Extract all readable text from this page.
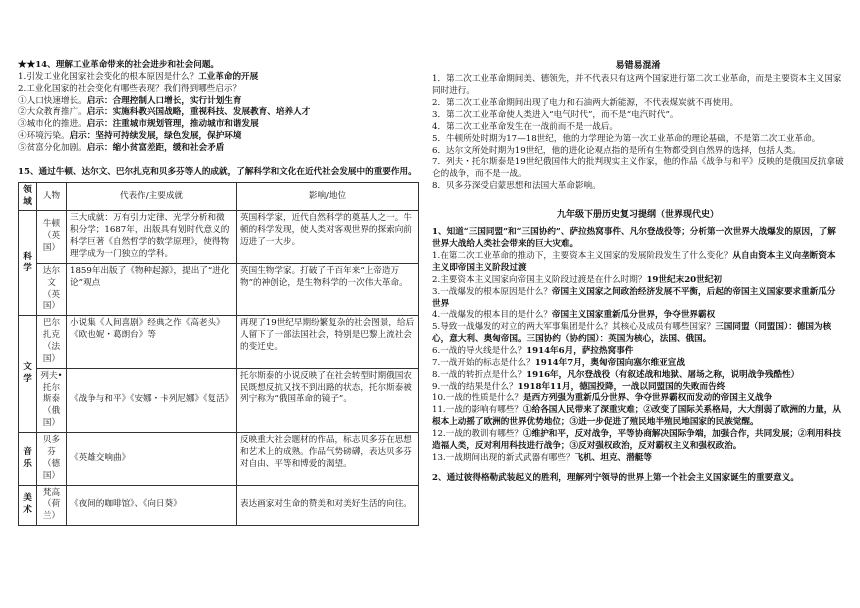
★★14、理解工业革命带来的社会进步和社会问题。
1.引发工业化国家社会变化的根本原因是什么？工业革命的开展
2.工业化国家的社会变化有哪些表现？我们得到哪些启示？
①人口快速增长。启示：合理控制人口增长，实行计划生育
②大众教育推广。启示：实施科教兴国战略，重视科技、发展教育、培养人才
③城市化的推进。启示：注重城市规划管理，推动城市和谐发展
④环境污染。启示：坚持可持续发展，绿色发展，保护环境
⑤贫富分化加剧。启示：缩小贫富差距，缓和社会矛盾
15、通过牛顿、达尔文、巴尔扎克和贝多芬等人的成就，了解科学和文化在近代社会发展中的重要作用。
领域	人物	代表作/主要成就	影响/地位
科学	牛顿（英国）	三大成就：万有引力定律、光学分析和微积分学；1687年，出版具有划时代意义的科学巨著《自然哲学的数学原理》，使得物理学成为一门独立的学科。	英国科学家，近代自然科学的奠基人之一。牛顿的科学发现，使人类对客观世界的探索向前迈进了一大步。
	达尔文（英国）	1859年出版了《物种起源》，提出了“进化论”观点	英国生物学家。打破了千百年来“上帝造万物”的神创论，是生物科学的一次伟大革命。
文学	巴尔扎克（法国）	小说集《人间喜剧》经典之作《高老头》《欧也妮・葛朗台》等	再现了19世纪早期纷繁复杂的社会图景，给后人留下了一部法国社会，特别是巴黎上流社会的变迁史。
	列夫•托尔斯泰（俄国）	《战争与和平》《安娜・卡列尼娜》《复活》	托尔斯泰的小说反映了在社会转型时期俄国农民既想反抗又找不到出路的状态，托尔斯泰被列宁称为“俄国革命的镜子”。
音乐	贝多芬（德国）	《英雄交响曲》	反映重大社会题材的作品，标志贝多芬在思想和艺术上的成熟。作品气势磅礴，表达贝多芬对自由、平等和博爱的渴望。
美术	梵高（荷兰）	《夜间的咖啡馆》、《向日葵》	表达画家对生命的赞美和对美好生活的向往。
易错易混淆
1．第二次工业革命期间美、德领先，并不代表只有这两个国家进行第二次工业革命，而是主要资本主义国家同时进行。
2．第二次工业革命期间出现了电力和石油两大新能源，不代表煤炭就不再使用。
3．第二次工业革命使人类进入“电气时代”，而不是“电汽时代”。
4．第二次工业革命发生在一战前而不是一战后。
5．牛顿所处时期为17—18世纪，他的力学理论为第一次工业革命的理论基础，不是第二次工业革命。
6．达尔文所处时期为19世纪，他的进化论观点指的是所有生物都受到自然界的选择，包括人类。
7．列夫・托尔斯泰是19世纪俄国伟大的批判现实主义作家，他的作品《战争与和平》反映的是俄国反抗拿破仑的战争，而不是一战。
8．贝多芬深受启蒙思想和法国大革命影响。
九年级下册历史复习提纲（世界现代史）
1、知道“三国同盟”和“三国协约”、萨拉热窝事件、凡尔登战役等；分析第一次世界大战爆发的原因，了解世界大战给人类社会带来的巨大灾难。
1.在第二次工业革命的推动下，主要资本主义国家的发展阶段发生了什么变化？从自由资本主义向垄断资本主义即帝国主义阶段过渡
2.主要资本主义国家向帝国主义阶段过渡是在什么时期？19世纪末20世纪初
3.一战爆发的根本原因是什么？帝国主义国家之间政治经济发展不平衡，后起的帝国主义国家要求重新瓜分世界
4.一战爆发的根本目的是什么？帝国主义国家重新瓜分世界，争夺世界霸权
5.导致一战爆发的对立的两大军事集团是什么？其核心及成员有哪些国家？三国同盟（同盟国）：德国为核心，意大利、奥匈帝国。三国协约（协约国）：英国为核心，法国、俄国。
6.一战的导火线是什么？1914年6月，萨拉热窝事件
7.一战开始的标志是什么？1914年7月，奥匈帝国向塞尔维亚宣战
8.一战的转折点是什么？1916年，凡尔登战役（有叙述战和地狱、屠场之称，说明战争残酷性）
9.一战的结果是什么？1918年11月，德国投降，一战以同盟国的失败而告终
10.一战的性质是什么？是西方列强为重新瓜分世界、争夺世界霸权而发动的帝国主义战争
11.一战的影响有哪些？①给各国人民带来了深重灾难；②改变了国际关系格局，大大削弱了欧洲的力量，从根本上动摇了欧洲的世界优势地位；③进一步促进了殖民地半殖民地国家的民族觉醒。
12.一战的教训有哪些？①维护和平，反对战争，平等协商解决国际争端，加强合作，共同发展；②利用科技造福人类，反对利用科技进行战争；③反对强权政治，反对霸权主义和强权政治。
13.一战期间出现的新式武器有哪些？飞机、坦克、潜艇等
2、通过彼得格勒武装起义的胜利，理解列宁领导的世界上第一个社会主义国家诞生的重要意义。
